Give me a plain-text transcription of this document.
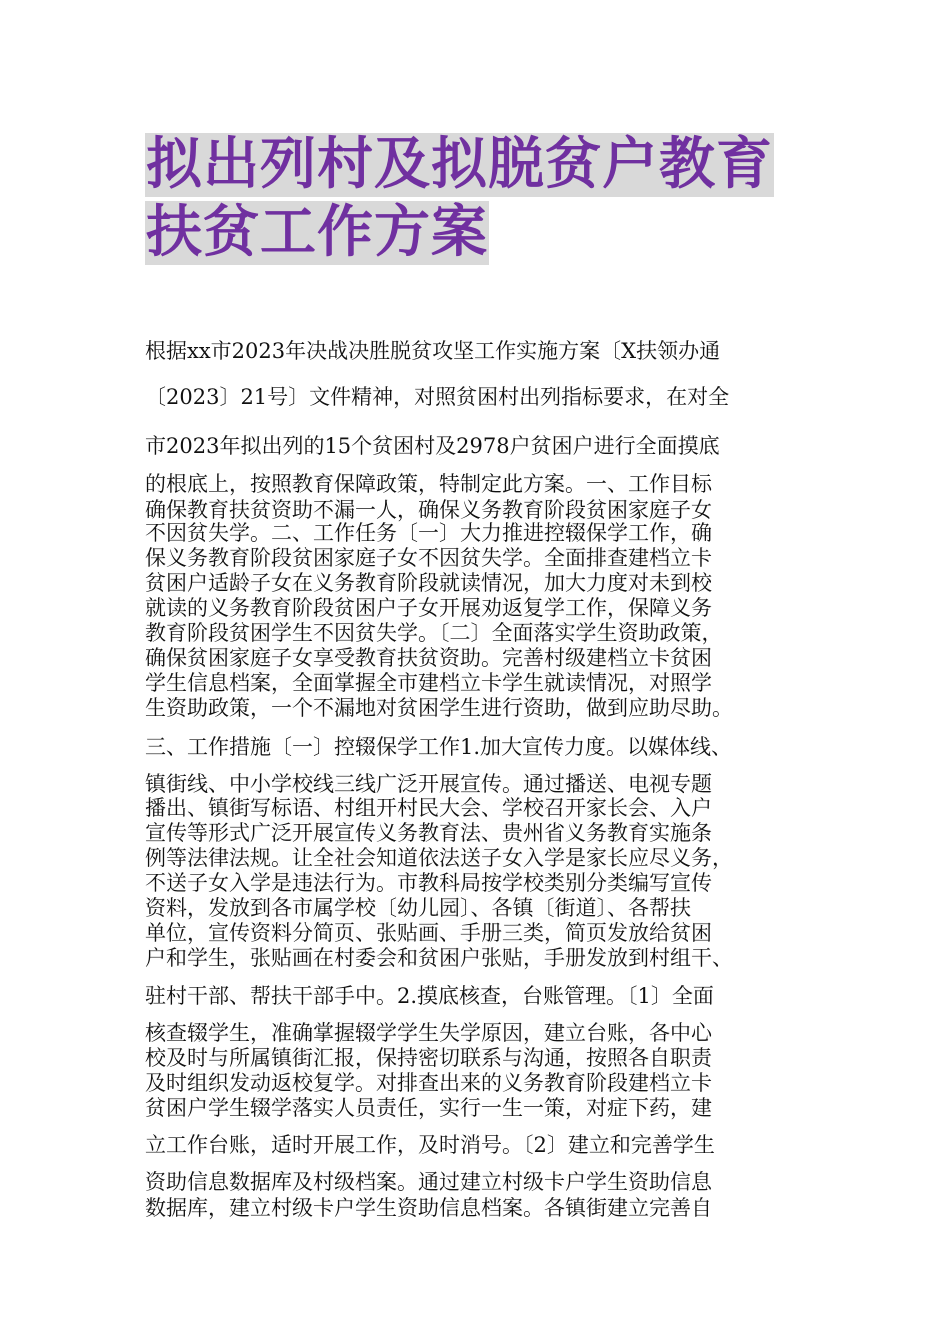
拟出列村及拟脱贫户教育
扶贫工作方案
根据xx市2023年决战决胜脱贫攻坚工作实施方案〔X扶领办通
〔2023〕21号〕文件精神，对照贫困村出列指标要求，在对全
市2023年拟出列的15个贫困村及2978户贫困户进行全面摸底
的根底上，按照教育保障政策，特制定此方案。一、工作目标
确保教育扶贫资助不漏一人，确保义务教育阶段贫困家庭子女
不因贫失学。二、工作任务〔一〕大力推进控辍保学工作，确
保义务教育阶段贫困家庭子女不因贫失学。全面排查建档立卡
贫困户适龄子女在义务教育阶段就读情况，加大力度对未到校
就读的义务教育阶段贫困户子女开展劝返复学工作，保障义务
教育阶段贫困学生不因贫失学。〔二〕全面落实学生资助政策，
确保贫困家庭子女享受教育扶贫资助。完善村级建档立卡贫困
学生信息档案，全面掌握全市建档立卡学生就读情况，对照学
生资助政策，一个不漏地对贫困学生进行资助，做到应助尽助。
三、工作措施〔一〕控辍保学工作1.加大宣传力度。以媒体线、
镇街线、中小学校线三线广泛开展宣传。通过播送、电视专题
播出、镇街写标语、村组开村民大会、学校召开家长会、入户
宣传等形式广泛开展宣传义务教育法、贵州省义务教育实施条
例等法律法规。让全社会知道依法送子女入学是家长应尽义务，
不送子女入学是违法行为。市教科局按学校类别分类编写宣传
资料，发放到各市属学校〔幼儿园〕、各镇〔街道〕、各帮扶
单位，宣传资料分简页、张贴画、手册三类，简页发放给贫困
户和学生，张贴画在村委会和贫困户张贴，手册发放到村组干、
驻村干部、帮扶干部手中。2.摸底核查，台账管理。〔1〕全面
核查辍学生，准确掌握辍学学生失学原因，建立台账，各中心
校及时与所属镇街汇报，保持密切联系与沟通，按照各自职责
及时组织发动返校复学。对排查出来的义务教育阶段建档立卡
贫困户学生辍学落实人员责任，实行一生一策，对症下药，建
立工作台账，适时开展工作，及时消号。〔2〕建立和完善学生
资助信息数据库及村级档案。通过建立村级卡户学生资助信息
数据库，建立村级卡户学生资助信息档案。各镇街建立完善自
